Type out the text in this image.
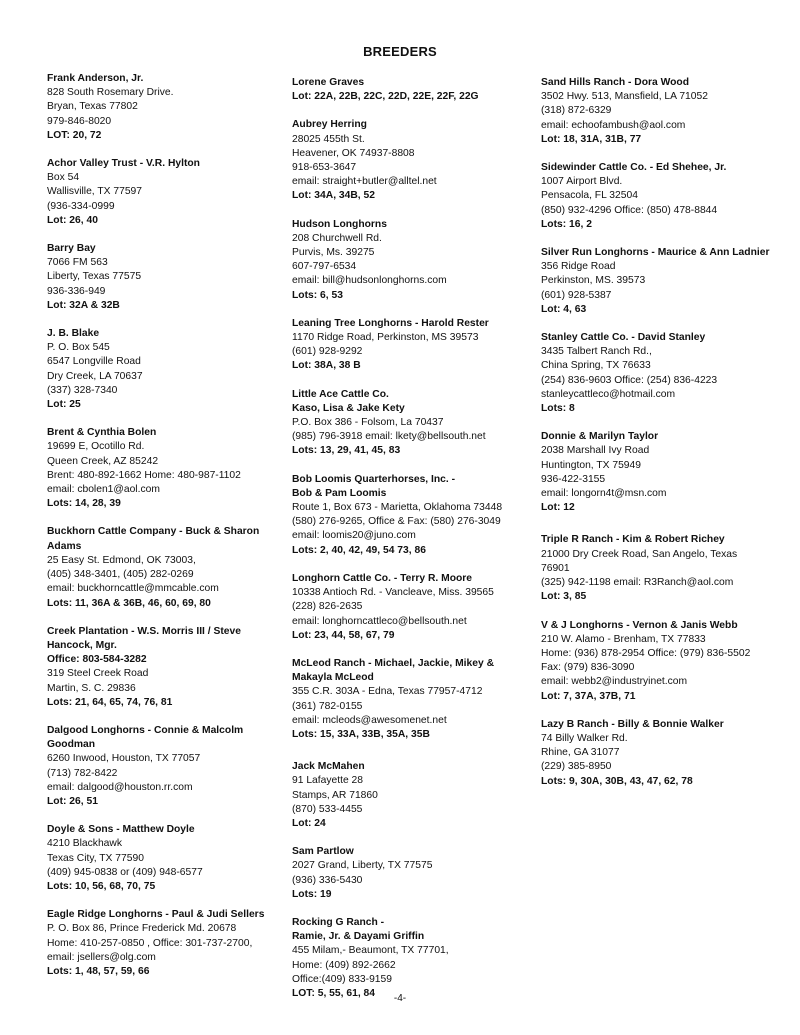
BREEDERS
Frank Anderson, Jr.
828 South Rosemary Drive.
Bryan, Texas 77802
979-846-8020
LOT: 20, 72
Achor Valley Trust - V.R. Hylton
Box 54
Wallisville, TX 77597
(936-334-0999
Lot: 26, 40
Barry Bay
7066 FM 563
Liberty, Texas 77575
936-336-949
Lot: 32A & 32B
J. B. Blake
P. O. Box 545
6547 Longville Road
Dry Creek, LA 70637
(337) 328-7340
Lot: 25
Brent & Cynthia Bolen
19699 E, Ocotillo Rd.
Queen Creek, AZ 85242
Brent: 480-892-1662 Home: 480-987-1102
email: cbolen1@aol.com
Lots: 14, 28, 39
Buckhorn Cattle Company - Buck & Sharon Adams
25 Easy St. Edmond, OK 73003,
(405) 348-3401, (405) 282-0269
email: buckhorncattle@mmcable.com
Lots: 11, 36A & 36B, 46, 60, 69, 80
Creek Plantation - W.S. Morris III / Steve Hancock, Mgr.
Office: 803-584-3282
319 Steel Creek Road
Martin, S. C. 29836
Lots: 21, 64, 65, 74, 76, 81
Dalgood Longhorns - Connie & Malcolm Goodman
6260 Inwood, Houston, TX 77057
(713) 782-8422
email: dalgood@houston.rr.com
Lot: 26, 51
Doyle & Sons - Matthew Doyle
4210 Blackhawk
Texas City, TX 77590
(409) 945-0838 or (409) 948-6577
Lots: 10, 56, 68, 70, 75
Eagle Ridge Longhorns - Paul & Judi Sellers
P. O. Box 86, Prince Frederick Md. 20678
Home: 410-257-0850 , Office: 301-737-2700,
email: jsellers@olg.com
Lots: 1, 48, 57, 59, 66
Lorene Graves
Lot: 22A, 22B, 22C, 22D, 22E, 22F, 22G
Aubrey Herring
28025 455th St.
Heavener, OK 74937-8808
918-653-3647
email: straight+butler@alltel.net
Lot: 34A, 34B, 52
Hudson Longhorns
208 Churchwell Rd.
Purvis, Ms. 39275
607-797-6534
email: bill@hudsonlonghorns.com
Lots: 6, 53
Leaning Tree Longhorns - Harold Rester
1170 Ridge Road, Perkinston, MS 39573
(601) 928-9292
Lot: 38A, 38 B
Little Ace Cattle Co.
Kaso, Lisa & Jake Kety
P.O. Box 386 - Folsom, La 70437
(985) 796-3918 email: lkety@bellsouth.net
Lots: 13, 29, 41, 45, 83
Bob Loomis Quarterhorses, Inc. -
Bob & Pam Loomis
Route 1, Box 673 - Marietta, Oklahoma 73448
(580) 276-9265, Office & Fax: (580) 276-3049
email: loomis20@juno.com
Lots: 2, 40, 42, 49, 54 73, 86
Longhorn Cattle Co. - Terry R. Moore
10338 Antioch Rd. - Vancleave, Miss. 39565
(228) 826-2635
email: longhorncattleco@bellsouth.net
Lot: 23, 44, 58, 67, 79
McLeod Ranch - Michael, Jackie, Mikey & Makayla McLeod
355 C.R. 303A - Edna, Texas 77957-4712
(361) 782-0155
email: mcleods@awesomenet.net
Lots: 15, 33A, 33B, 35A, 35B
Jack McMahen
91 Lafayette 28
Stamps, AR 71860
(870) 533-4455
Lot: 24
Sam Partlow
2027 Grand, Liberty, TX 77575
(936) 336-5430
Lots: 19
Rocking G Ranch -
Ramie, Jr. & Dayami Griffin
455 Milam,- Beaumont, TX 77701,
Home: (409) 892-2662
Office:(409) 833-9159
LOT: 5, 55, 61, 84
Sand Hills Ranch - Dora Wood
3502 Hwy. 513, Mansfield, LA 71052
(318) 872-6329
email: echoofambush@aol.com
Lot: 18, 31A, 31B, 77
Sidewinder Cattle Co. - Ed Shehee, Jr.
1007 Airport Blvd.
Pensacola, FL 32504
(850) 932-4296 Office: (850) 478-8844
Lots: 16, 2
Silver Run Longhorns - Maurice & Ann Ladnier
356 Ridge Road
Perkinston, MS. 39573
(601) 928-5387
Lot: 4, 63
Stanley Cattle Co. - David Stanley
3435 Talbert Ranch Rd.,
China Spring, TX 76633
(254) 836-9603 Office: (254) 836-4223
stanleycattleco@hotmail.com
Lots: 8
Donnie & Marilyn Taylor
2038 Marshall Ivy Road
Huntington, TX 75949
936-422-3155
email: longorn4t@msn.com
Lot: 12
Triple R Ranch - Kim & Robert Richey
21000 Dry Creek Road, San Angelo, Texas
76901
(325) 942-1198 email: R3Ranch@aol.com
Lot: 3, 85
V & J Longhorns - Vernon & Janis Webb
210 W. Alamo - Brenham, TX 77833
Home: (936) 878-2954 Office: (979) 836-5502
Fax: (979) 836-3090
email: webb2@industryinet.com
Lot: 7, 37A, 37B, 71
Lazy B Ranch - Billy & Bonnie Walker
74 Billy Walker Rd.
Rhine, GA 31077
(229) 385-8950
Lots: 9, 30A, 30B, 43, 47, 62, 78
-4-
